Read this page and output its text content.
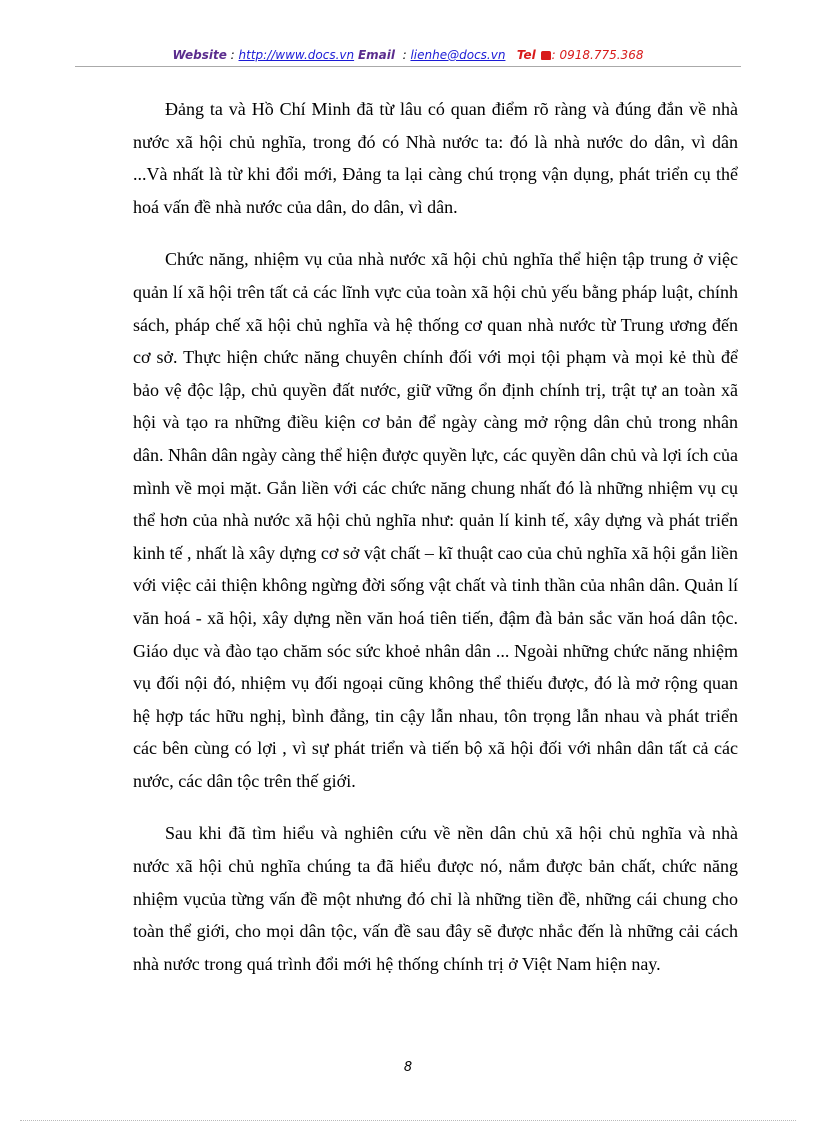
Website : http://www.docs.vn Email  : lienhe@docs.vn Tel : 0918.775.368

Đảng ta và Hồ Chí Minh đã từ lâu có quan điểm rõ ràng và đúng đắn về nhà nước xã hội chủ nghĩa, trong đó có Nhà nước ta: đó là nhà nước do dân, vì dân ...Và nhất là từ khi đổi mới, Đảng ta lại càng chú trọng vận dụng, phát triển cụ thể hoá vấn đề nhà nước của dân, do dân, vì dân.

Chức năng, nhiệm vụ của nhà nước xã hội chủ nghĩa thể hiện tập trung ở việc quản lí xã hội trên tất cả các lĩnh vực của toàn xã hội chủ yếu bằng pháp luật, chính sách, pháp chế xã hội chủ nghĩa và hệ thống cơ quan nhà nước từ Trung ương đến cơ sở. Thực hiện chức năng chuyên chính đối với mọi tội phạm và mọi kẻ thù để bảo vệ độc lập, chủ quyền đất nước, giữ vững ổn định chính trị, trật tự an toàn xã hội và tạo ra những điều kiện cơ bản để ngày càng mở rộng dân chủ trong nhân dân. Nhân dân ngày càng thể hiện được quyền lực, các quyền dân chủ và lợi ích của mình về mọi mặt. Gắn liền với các chức năng chung nhất đó là những nhiệm vụ cụ thể hơn của nhà nước xã hội chủ nghĩa như: quản lí kinh tế, xây dựng và phát triển kinh tế , nhất là xây dựng cơ sở vật chất – kĩ thuật cao của chủ nghĩa xã hội gắn liền với việc cải thiện không ngừng đời sống vật chất và tinh thần của nhân dân. Quản lí văn hoá - xã hội, xây dựng nền văn hoá tiên tiến, đậm đà bản sắc văn hoá dân tộc. Giáo dục và đào tạo chăm sóc sức khoẻ nhân dân ... Ngoài những chức năng nhiệm vụ đối nội đó, nhiệm vụ đối ngoại cũng không thể thiếu được, đó là mở rộng quan hệ hợp tác hữu nghị, bình đẳng, tin cậy lẫn nhau, tôn trọng lẫn nhau và phát triển các bên cùng có lợi , vì sự phát triển và tiến bộ xã hội đối với nhân dân tất cả các nước, các dân tộc trên thế giới.

Sau khi đã tìm hiểu và nghiên cứu về nền dân chủ xã hội chủ nghĩa và nhà nước xã hội chủ nghĩa chúng ta đã hiểu được nó, nắm được bản chất, chức năng nhiệm vụcủa từng vấn đề một nhưng đó chỉ là những tiền đề, những cái chung cho toàn thể giới, cho mọi dân tộc, vấn đề sau đây sẽ được nhắc đến là những cải cách nhà nước trong quá trình đổi mới hệ thống chính trị ở Việt Nam hiện nay.

8
